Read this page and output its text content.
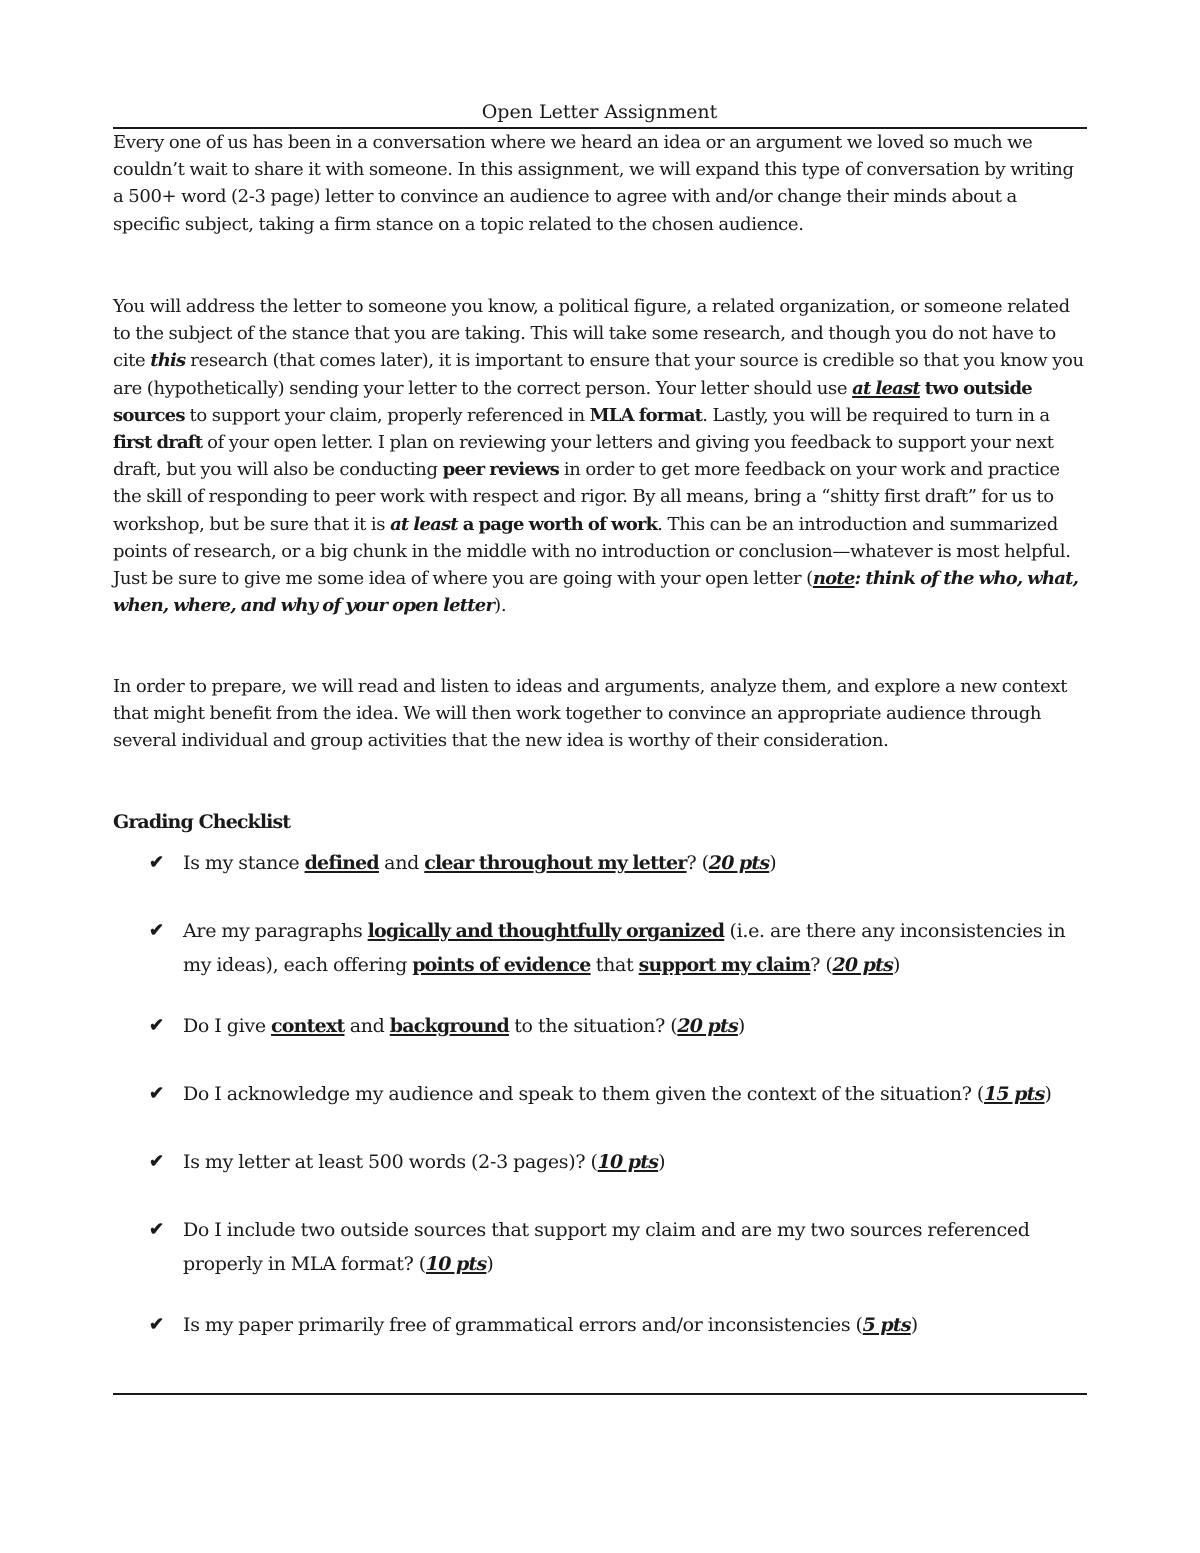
Open Letter Assignment

Every one of us has been in a conversation where we heard an idea or an argument we loved so much we couldn’t wait to share it with someone. In this assignment, we will expand this type of conversation by writing a 500+ word (2-3 page) letter to convince an audience to agree with and/or change their minds about a specific subject, taking a firm stance on a topic related to the chosen audience.

You will address the letter to someone you know, a political figure, a related organization, or someone related to the subject of the stance that you are taking. This will take some research, and though you do not have to cite this research (that comes later), it is important to ensure that your source is credible so that you know you are (hypothetically) sending your letter to the correct person. Your letter should use at least two outside sources to support your claim, properly referenced in MLA format. Lastly, you will be required to turn in a first draft of your open letter. I plan on reviewing your letters and giving you feedback to support your next draft, but you will also be conducting peer reviews in order to get more feedback on your work and practice the skill of responding to peer work with respect and rigor. By all means, bring a “shitty first draft” for us to workshop, but be sure that it is at least a page worth of work. This can be an introduction and summarized points of research, or a big chunk in the middle with no introduction or conclusion—whatever is most helpful. Just be sure to give me some idea of where you are going with your open letter (note: think of the who, what, when, where, and why of your open letter).

In order to prepare, we will read and listen to ideas and arguments, analyze them, and explore a new context that might benefit from the idea. We will then work together to convince an appropriate audience through several individual and group activities that the new idea is worthy of their consideration.

Grading Checklist
✔	Is my stance defined and clear throughout my letter? (20 pts)
✔	Are my paragraphs logically and thoughtfully organized (i.e. are there any inconsistencies in my ideas), each offering points of evidence that support my claim? (20 pts)
✔	Do I give context and background to the situation? (20 pts)
✔	Do I acknowledge my audience and speak to them given the context of the situation? (15 pts)
✔	Is my letter at least 500 words (2-3 pages)? (10 pts)
✔	Do I include two outside sources that support my claim and are my two sources referenced properly in MLA format? (10 pts)
✔	Is my paper primarily free of grammatical errors and/or inconsistencies (5 pts)
